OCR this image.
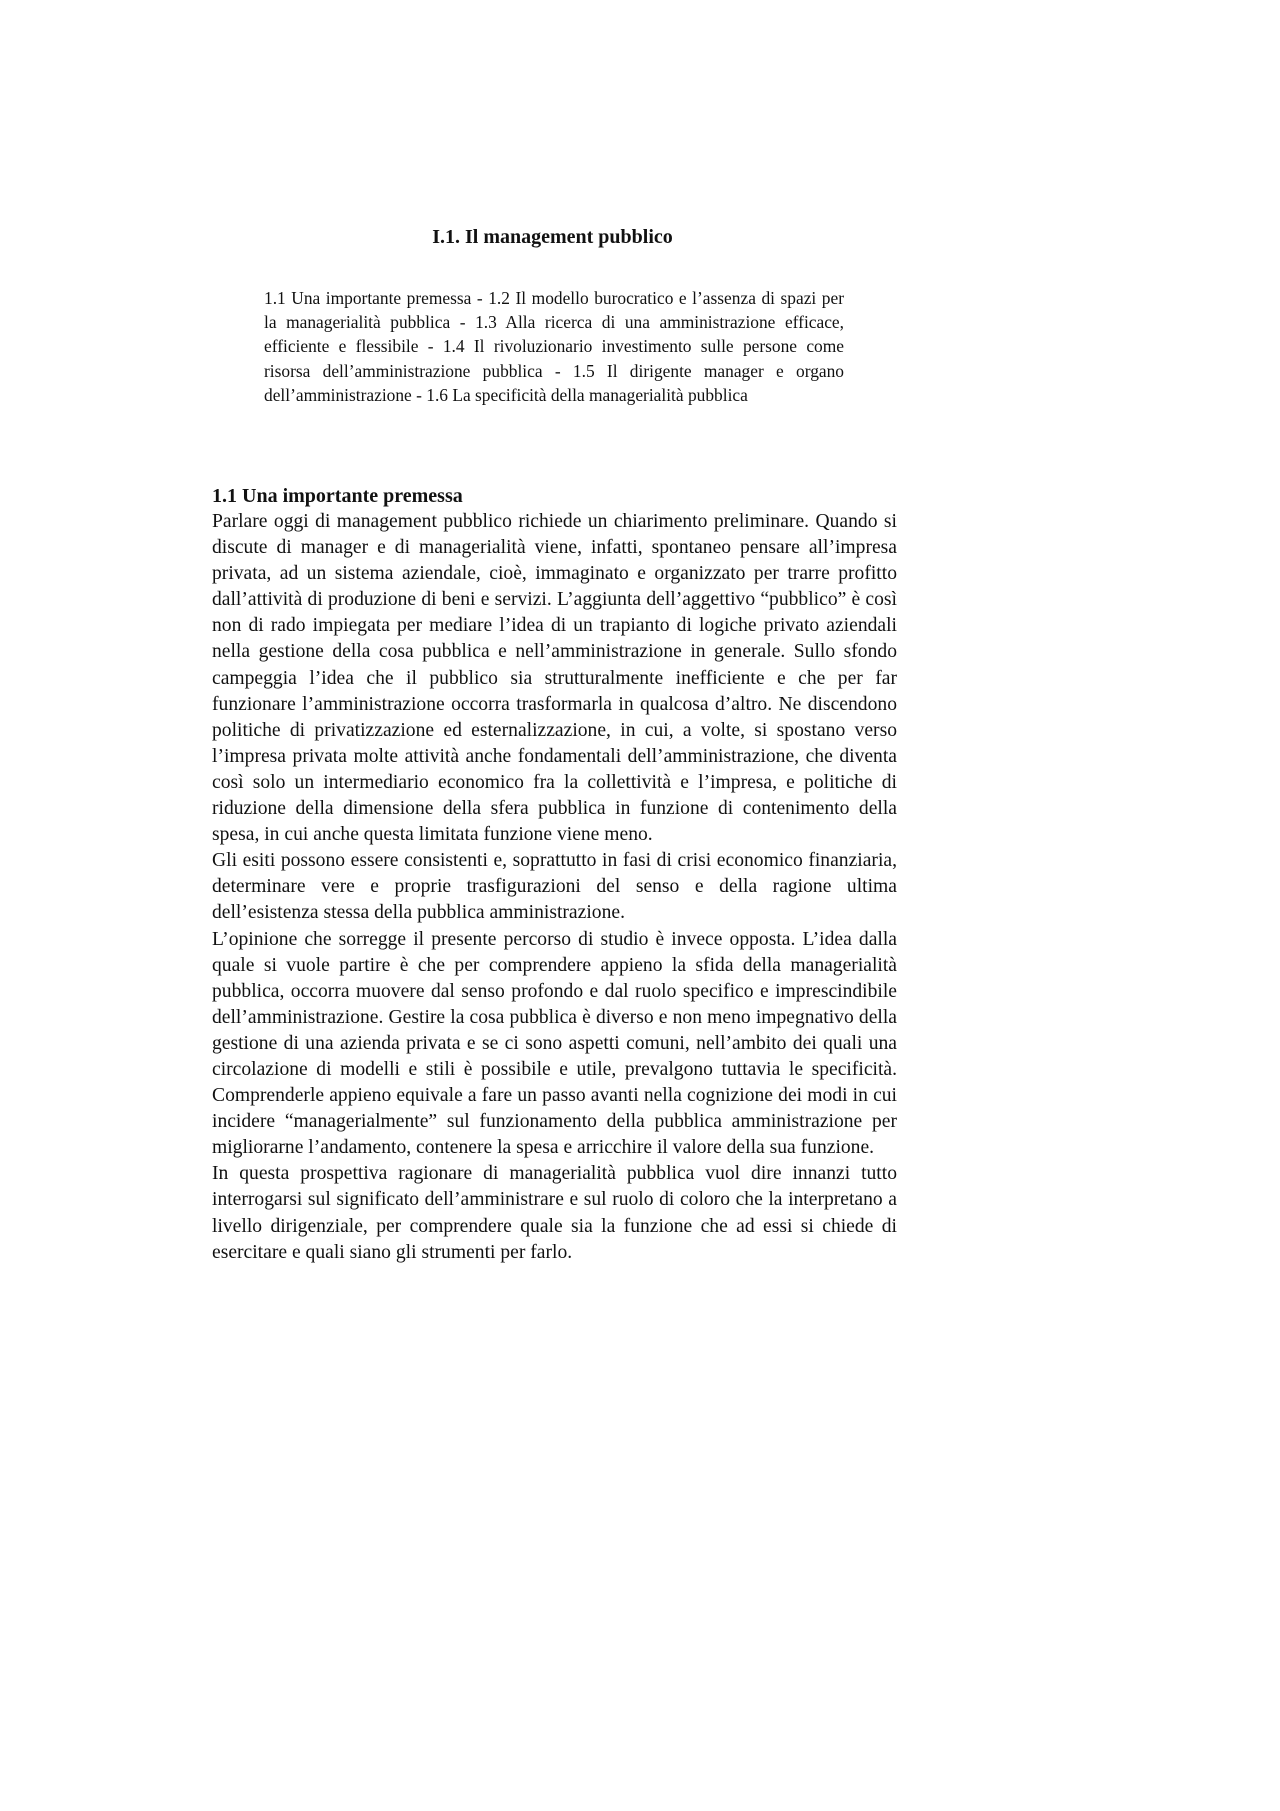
I.1. Il management pubblico
1.1 Una importante premessa - 1.2 Il modello burocratico e l’assenza di spazi per la managerialità pubblica - 1.3 Alla ricerca di una amministrazione efficace, efficiente e flessibile - 1.4 Il rivoluzionario investimento sulle persone come risorsa dell’amministrazione pubblica - 1.5 Il dirigente manager e organo dell’amministrazione - 1.6 La specificità della managerialità pubblica
1.1 Una importante premessa

Parlare oggi di management pubblico richiede un chiarimento preliminare. Quando si discute di manager e di managerialità viene, infatti, spontaneo pensare all’impresa privata, ad un sistema aziendale, cioè, immaginato e organizzato per trarre profitto dall’attività di produzione di beni e servizi. L’aggiunta dell’aggettivo “pubblico” è così non di rado impiegata per mediare l’idea di un trapianto di logiche privato aziendali nella gestione della cosa pubblica e nell’amministrazione in generale. Sullo sfondo campeggia l’idea che il pubblico sia strutturalmente inefficiente e che per far funzionare l’amministrazione occorra trasformarla in qualcosa d’altro. Ne discendono politiche di privatizzazione ed esternalizzazione, in cui, a volte, si spostano verso l’impresa privata molte attività anche fondamentali dell’amministrazione, che diventa così solo un intermediario economico fra la collettività e l’impresa, e politiche di riduzione della dimensione della sfera pubblica in funzione di contenimento della spesa, in cui anche questa limitata funzione viene meno.

Gli esiti possono essere consistenti e, soprattutto in fasi di crisi economico finanziaria, determinare vere e proprie trasfigurazioni del senso e della ragione ultima dell’esistenza stessa della pubblica amministrazione.

L’opinione che sorregge il presente percorso di studio è invece opposta. L’idea dalla quale si vuole partire è che per comprendere appieno la sfida della managerialità pubblica, occorra muovere dal senso profondo e dal ruolo specifico e imprescindibile dell’amministrazione. Gestire la cosa pubblica è diverso e non meno impegnativo della gestione di una azienda privata e se ci sono aspetti comuni, nell’ambito dei quali una circolazione di modelli e stili è possibile e utile, prevalgono tuttavia le specificità. Comprenderle appieno equivale a fare un passo avanti nella cognizione dei modi in cui incidere “managerialmente” sul funzionamento della pubblica amministrazione per migliorarne l’andamento, contenere la spesa e arricchire il valore della sua funzione.

In questa prospettiva ragionare di managerialità pubblica vuol dire innanzi tutto interrogarsi sul significato dell’amministrare e sul ruolo di coloro che la interpretano a livello dirigenziale, per comprendere quale sia la funzione che ad essi si chiede di esercitare e quali siano gli strumenti per farlo.
